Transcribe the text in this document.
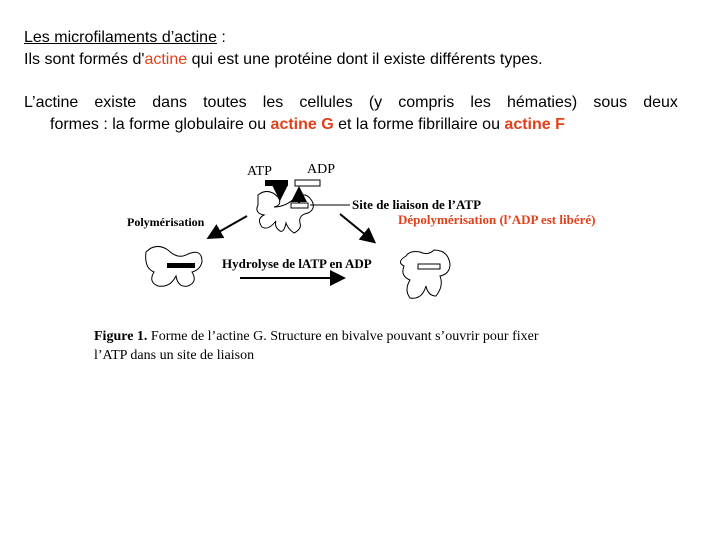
Les microfilaments d’actine :
Ils sont formés d'actine qui est une protéine dont il existe différents types.
L’actine existe dans toutes les cellules (y compris les hématies) sous deux
formes : la forme globulaire ou actine G et la forme fibrillaire ou actine F
ATP	ADP
Site de liaison de l’ATP
Dépolymérisation (l’ADP est libéré)
Polymérisation
Hydrolyse de lATP en ADP
Figure 1. Forme de l’actine G. Structure en bivalve pouvant s’ouvrir pour fixer
l’ATP dans un site de liaison
